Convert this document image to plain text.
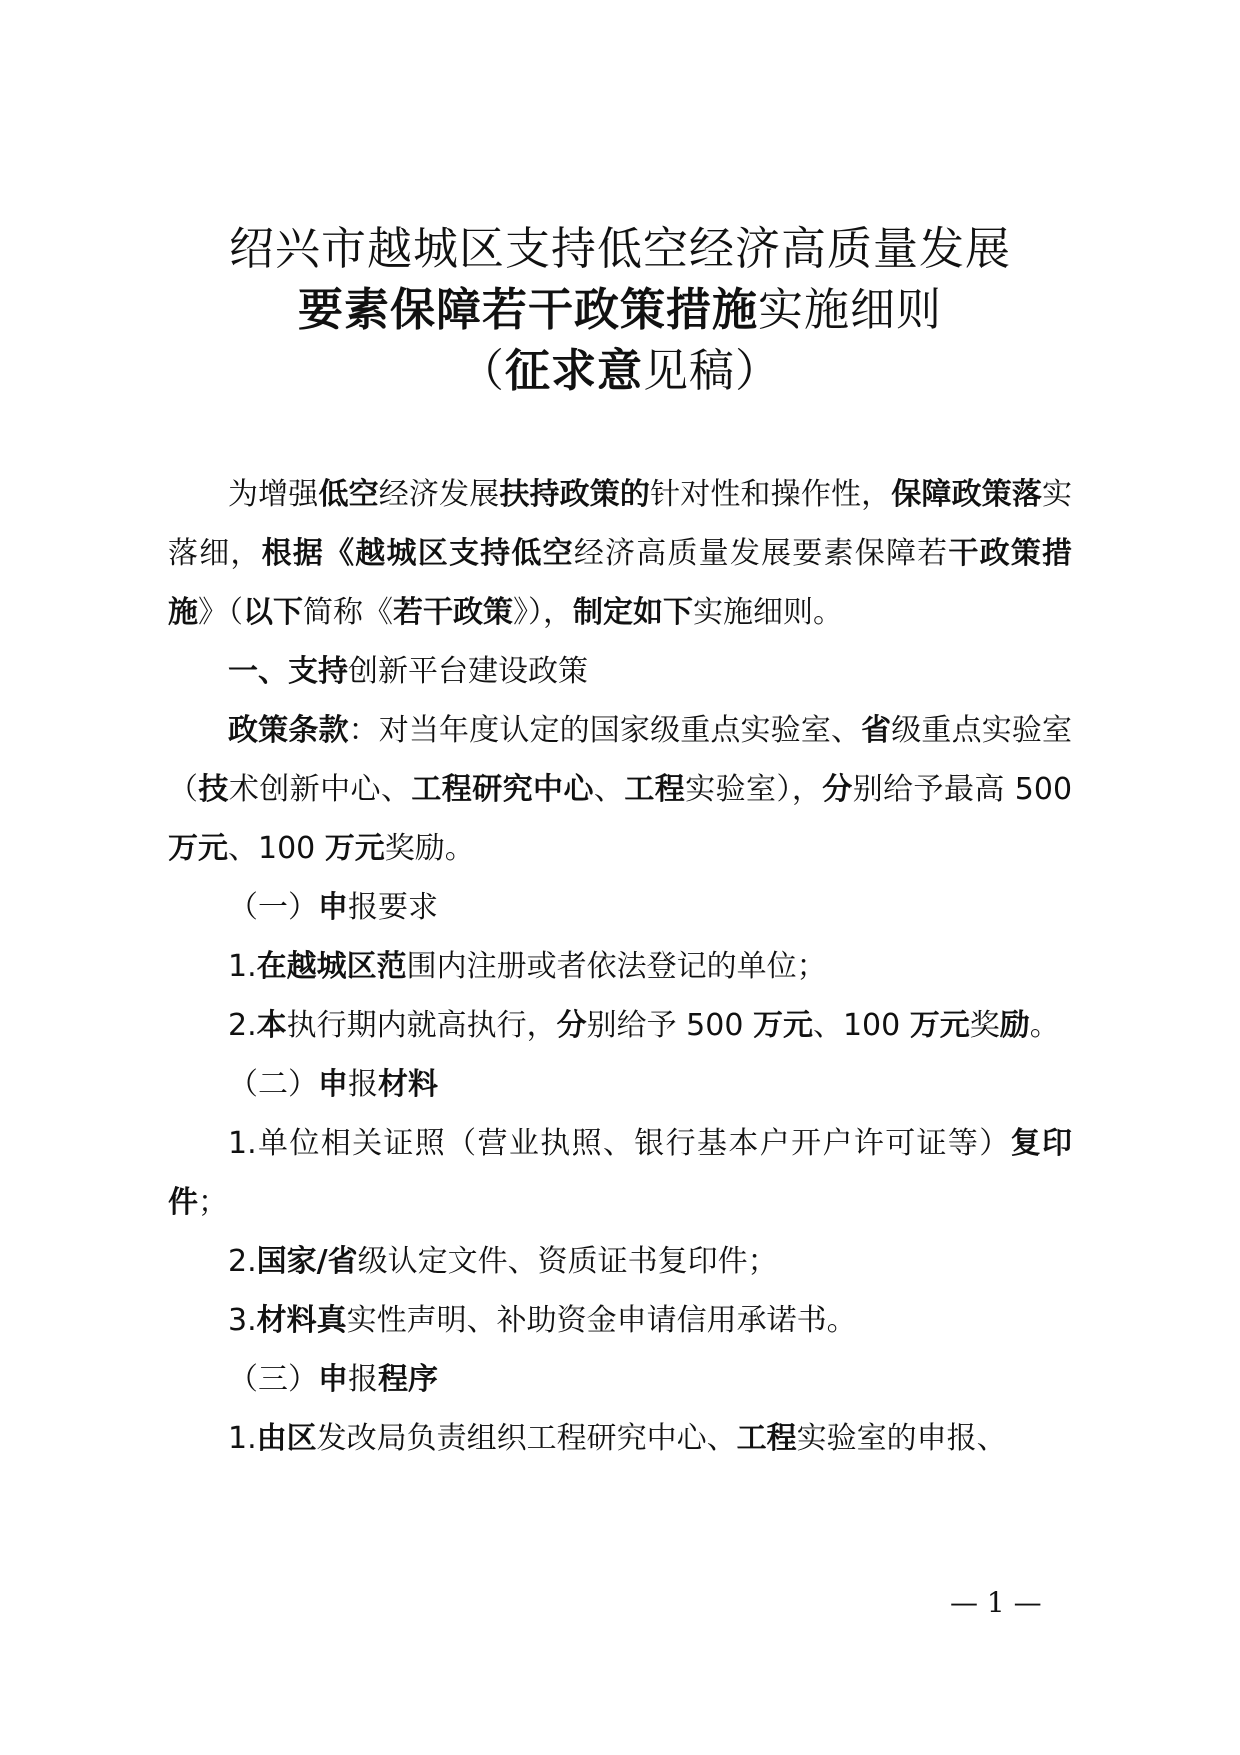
绍兴市越城区支持低空经济高质量发展
要素保障若干政策措施实施细则
（征求意见稿）

为增强低空经济发展扶持政策的针对性和操作性，保障政策落实落细，根据《越城区支持低空经济高质量发展要素保障若干政策措施》（以下简称《若干政策》），制定如下实施细则。

一、支持创新平台建设政策

政策条款：对当年度认定的国家级重点实验室、省级重点实验室（技术创新中心、工程研究中心、工程实验室），分别给予最高 500 万元、100 万元奖励。

（一）申报要求

1.在越城区范围内注册或者依法登记的单位；

2.本执行期内就高执行，分别给予 500 万元、100 万元奖励。

（二）申报材料

1.单位相关证照（营业执照、银行基本户开户许可证等）复印件；

2.国家/省级认定文件、资质证书复印件；

3.材料真实性声明、补助资金申请信用承诺书。

（三）申报程序

1.由区发改局负责组织工程研究中心、工程实验室的申报、

— 1 —
